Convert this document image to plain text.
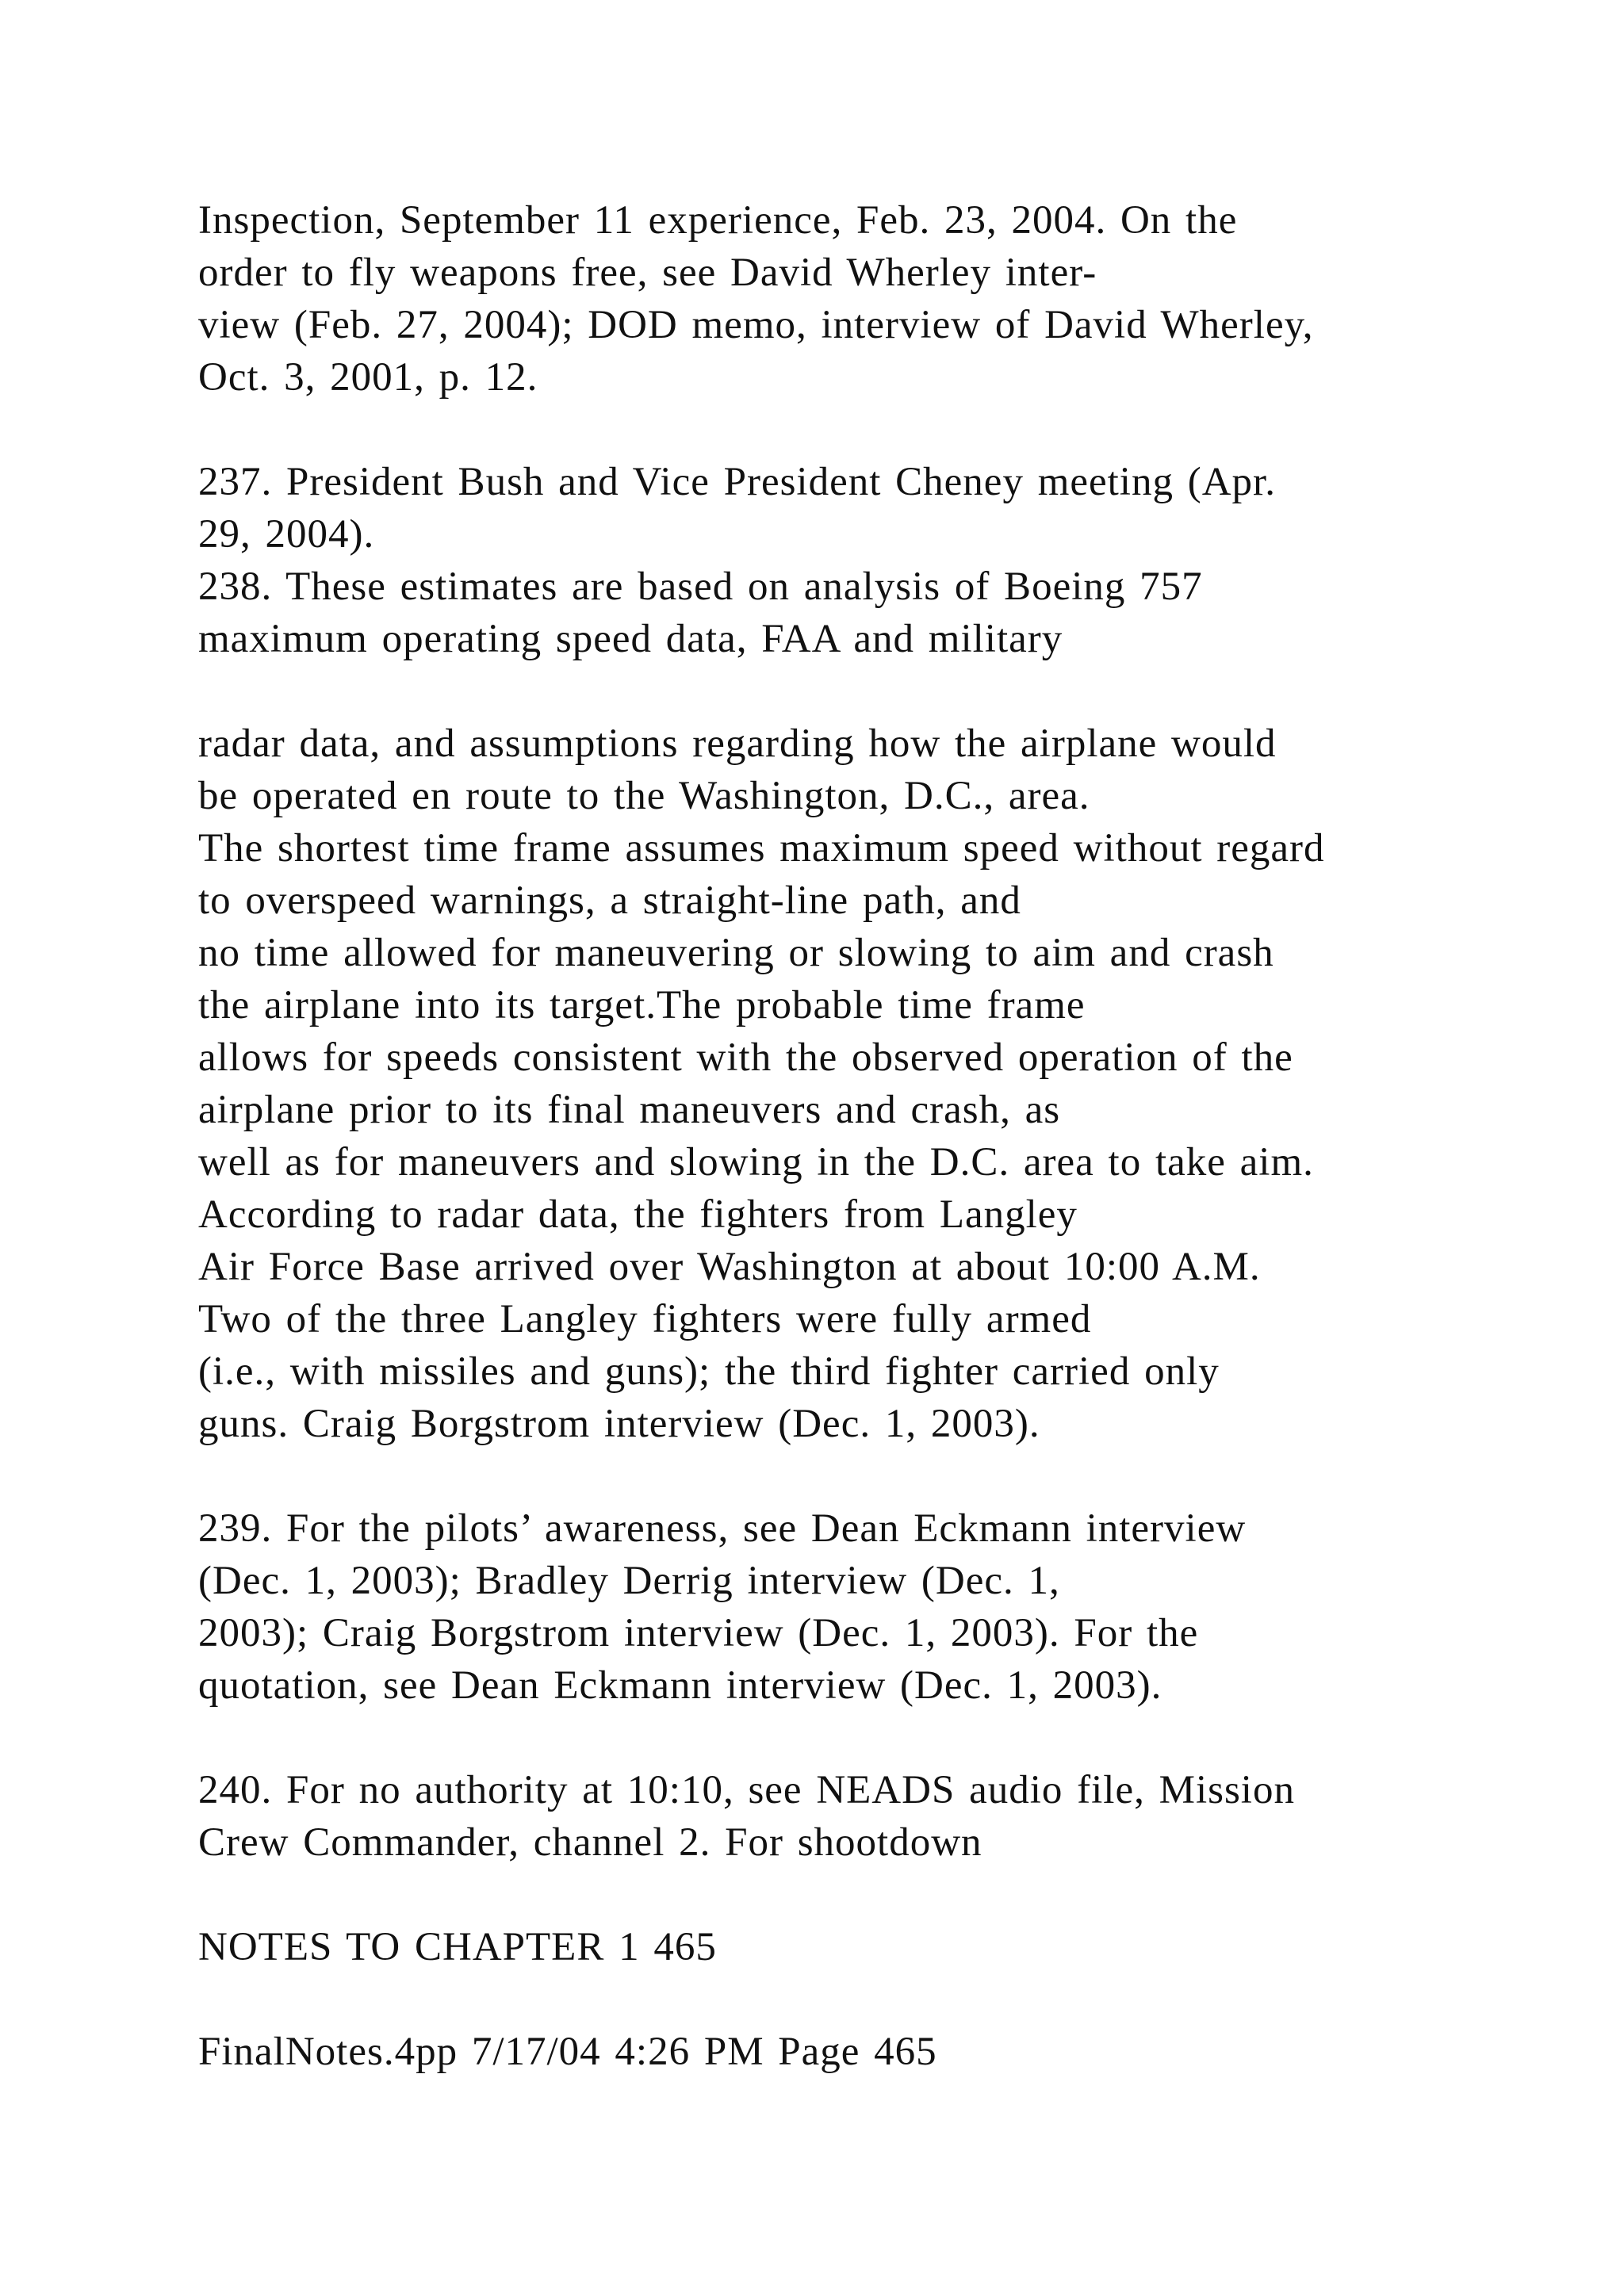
Inspection, September 11 experience, Feb. 23, 2004. On the

order to fly weapons free, see David Wherley inter-

view (Feb. 27, 2004); DOD memo, interview of David Wherley,

Oct. 3, 2001, p. 12.

237. President Bush and Vice President Cheney meeting (Apr.

29, 2004).

238. These estimates are based on analysis of Boeing 757

maximum operating speed data, FAA and military

radar data, and assumptions regarding how the airplane would

be operated en route to the Washington, D.C., area.

The shortest time frame assumes maximum speed without regard

to overspeed warnings, a straight-line path, and

no time allowed for maneuvering or slowing to aim and crash

the airplane into its target.The probable time frame

allows for speeds consistent with the observed operation of the

airplane prior to its final maneuvers and crash, as

well as for maneuvers and slowing in the D.C. area to take aim.

According to radar data, the fighters from Langley

Air Force Base arrived over Washington at about 10:00 A.M.

Two of the three Langley fighters were fully armed

(i.e., with missiles and guns); the third fighter carried only

guns. Craig Borgstrom interview (Dec. 1, 2003).

239. For the pilots’ awareness, see Dean Eckmann interview

(Dec. 1, 2003); Bradley Derrig interview (Dec. 1,

2003); Craig Borgstrom interview (Dec. 1, 2003). For the

quotation, see Dean Eckmann interview (Dec. 1, 2003).

240. For no authority at 10:10, see NEADS audio file, Mission

Crew Commander, channel 2. For shootdown

NOTES TO CHAPTER 1 465

FinalNotes.4pp 7/17/04 4:26 PM Page 465
